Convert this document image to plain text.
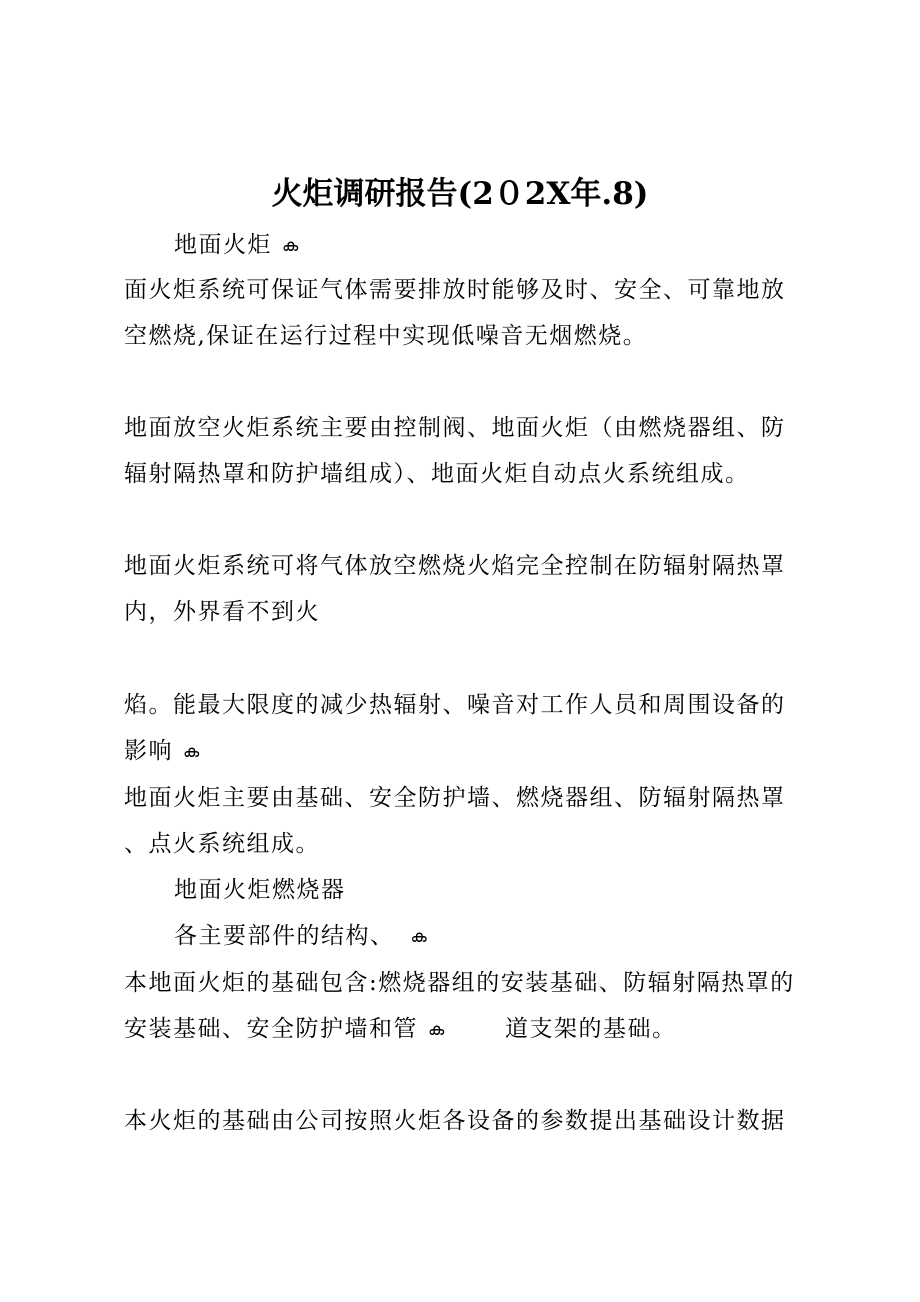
火炬调研报告(2０2X年.8)
地面火炬 ക
面火炬系统可保证气体需要排放时能够及时、安全、可靠地放
空燃烧,保证在运行过程中实现低噪音无烟燃烧。
地面放空火炬系统主要由控制阀、地面火炬（由燃烧器组、防
辐射隔热罩和防护墙组成）、地面火炬自动点火系统组成。
地面火炬系统可将气体放空燃烧火焰完全控制在防辐射隔热罩
内，外界看不到火
焰。能最大限度的减少热辐射、噪音对工作人员和周围设备的
影响 ക
地面火炬主要由基础、安全防护墙、燃烧器组、防辐射隔热罩
、点火系统组成。
地面火炬燃烧器
各主要部件的结构、 ക
本地面火炬的基础包含:燃烧器组的安装基础、防辐射隔热罩的
安装基础、安全防护墙和管 ക	道支架的基础。
本火炬的基础由公司按照火炬各设备的参数提出基础设计数据
